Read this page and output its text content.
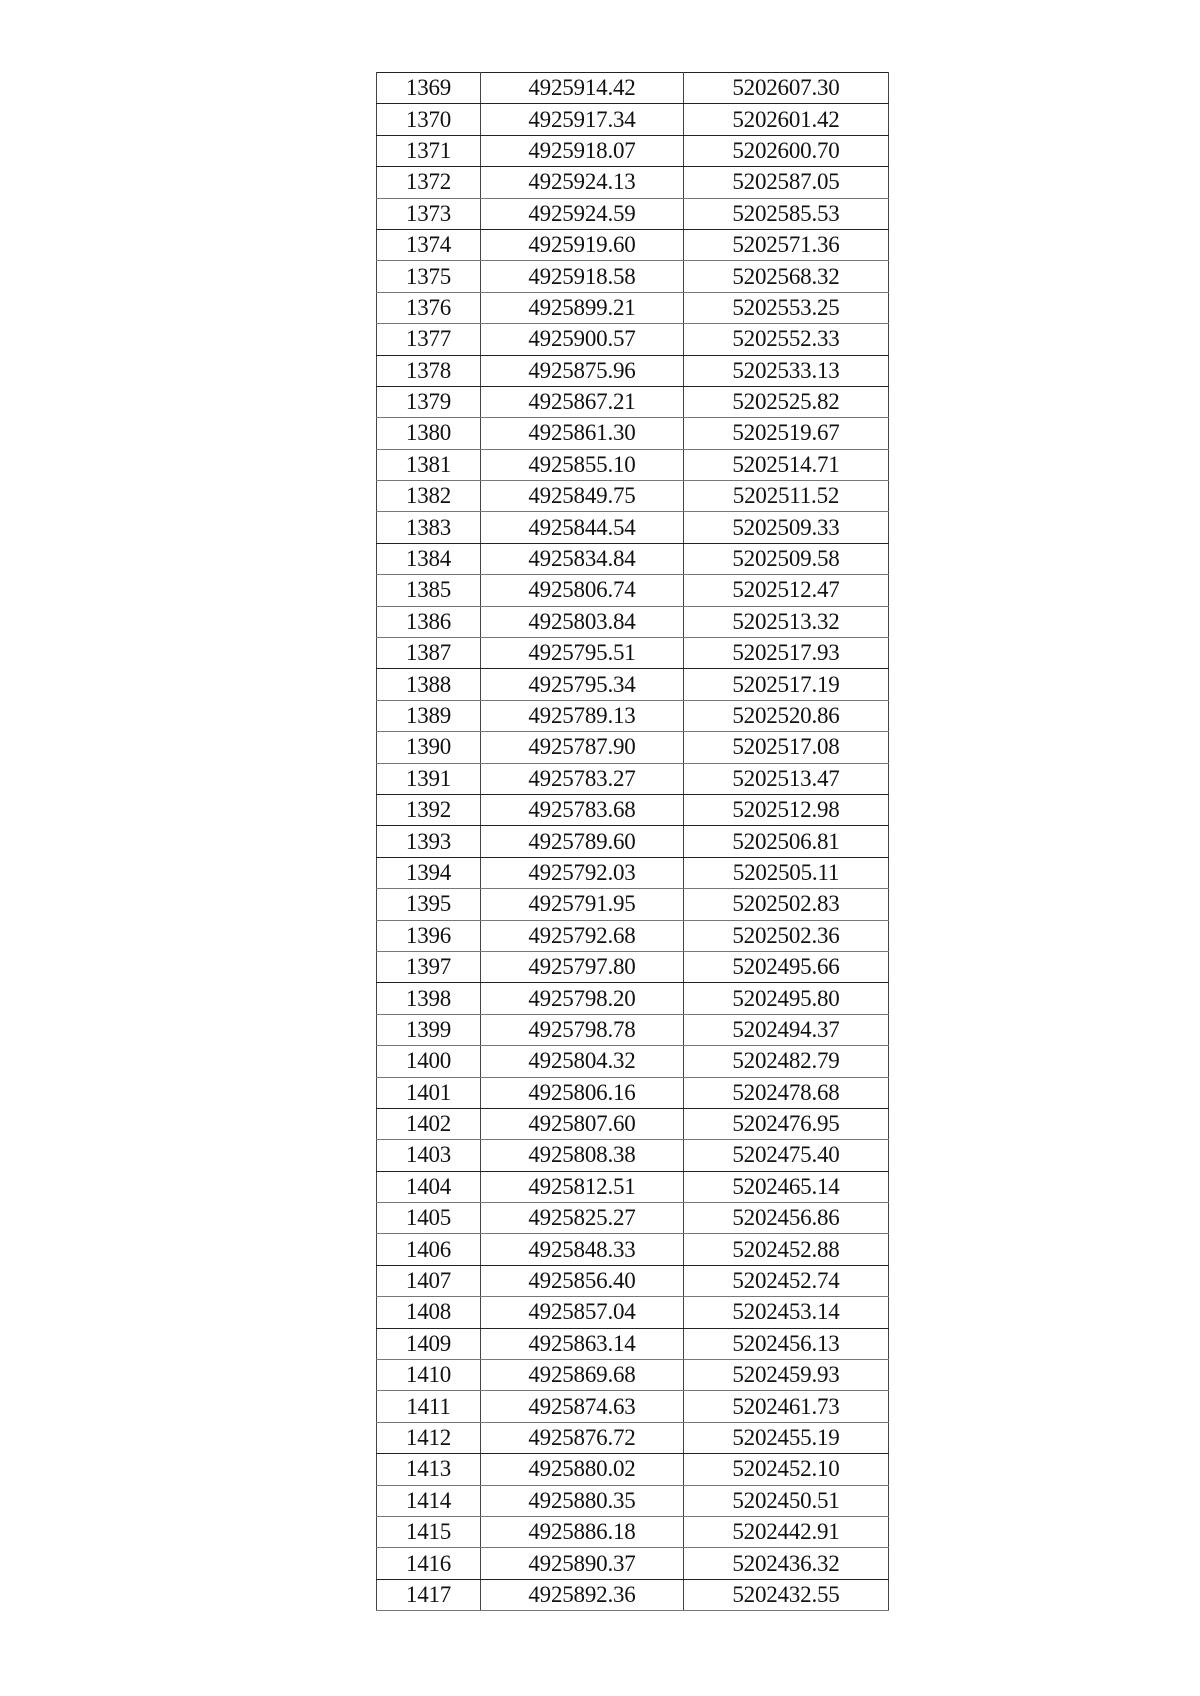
1369	4925914.42	5202607.30
1370	4925917.34	5202601.42
1371	4925918.07	5202600.70
1372	4925924.13	5202587.05
1373	4925924.59	5202585.53
1374	4925919.60	5202571.36
1375	4925918.58	5202568.32
1376	4925899.21	5202553.25
1377	4925900.57	5202552.33
1378	4925875.96	5202533.13
1379	4925867.21	5202525.82
1380	4925861.30	5202519.67
1381	4925855.10	5202514.71
1382	4925849.75	5202511.52
1383	4925844.54	5202509.33
1384	4925834.84	5202509.58
1385	4925806.74	5202512.47
1386	4925803.84	5202513.32
1387	4925795.51	5202517.93
1388	4925795.34	5202517.19
1389	4925789.13	5202520.86
1390	4925787.90	5202517.08
1391	4925783.27	5202513.47
1392	4925783.68	5202512.98
1393	4925789.60	5202506.81
1394	4925792.03	5202505.11
1395	4925791.95	5202502.83
1396	4925792.68	5202502.36
1397	4925797.80	5202495.66
1398	4925798.20	5202495.80
1399	4925798.78	5202494.37
1400	4925804.32	5202482.79
1401	4925806.16	5202478.68
1402	4925807.60	5202476.95
1403	4925808.38	5202475.40
1404	4925812.51	5202465.14
1405	4925825.27	5202456.86
1406	4925848.33	5202452.88
1407	4925856.40	5202452.74
1408	4925857.04	5202453.14
1409	4925863.14	5202456.13
1410	4925869.68	5202459.93
1411	4925874.63	5202461.73
1412	4925876.72	5202455.19
1413	4925880.02	5202452.10
1414	4925880.35	5202450.51
1415	4925886.18	5202442.91
1416	4925890.37	5202436.32
1417	4925892.36	5202432.55
